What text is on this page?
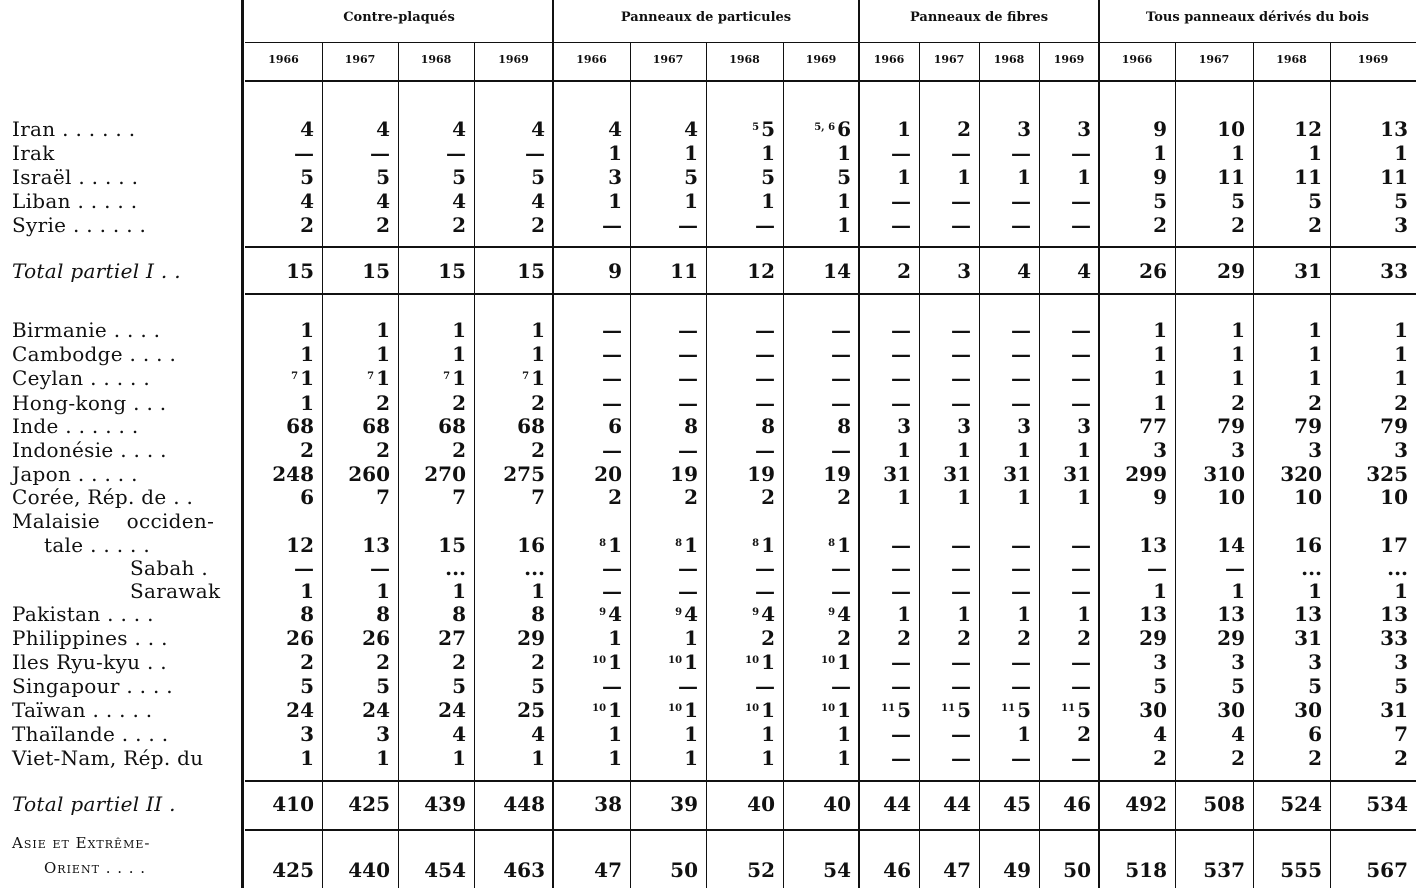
Contre-plaqués
1966	1967	1968	1969
Panneaux de particules
1966	1967	1968	1969
Panneaux de fibres
1966	1967	1968	1969
Tous panneaux dérivés du bois
1966	1967	1968	1969
Iran . . . . . .	4	4	4	4	4	4	$^5$ 5	$^{5, 6}$ 6	1	2	3	3	9	10	12	13
Irak	—	—	—	—	1	1	1	1	—	—	—	—	1	1	1	1
Israël . . . . .	5	5	5	5	3	5	5	5	1	1	1	1	9	11	11	11
Liban . . . . .	4	4	4	4	1	1	1	1	—	—	—	—	5	5	5	5
Syrie . . . . . .	2	2	2	2	—	—	—	1	—	—	—	—	2	2	2	3
Total partiel I . .	15	15	15	15	9	11	12	14	2	3	4	4	26	29	31	33
Birmanie . . . .	1	1	1	1	—	—	—	—	—	—	—	—	1	1	1	1
Cambodge . . . .	1	1	1	1	—	—	—	—	—	—	—	—	1	1	1	1
Ceylan . . . . .	$^7$ 1	$^7$ 1	$^7$ 1	$^7$ 1	—	—	—	—	—	—	—	—	1	1	1	1
Hong-kong . . .	1	2	2	2	—	—	—	—	—	—	—	—	1	2	2	2
Inde . . . . . .	68	68	68	68	6	8	8	8	3	3	3	3	77	79	79	79
Indonésie . . . .	2	2	2	2	—	—	—	—	1	1	1	1	3	3	3	3
Japon . . . . .	248	260	270	275	20	19	19	19	31	31	31	31	299	310	320	325
Corée, Rép. de . .	6	7	7	7	2	2	2	2	1	1	1	1	9	10	10	10
Malaisie    occiden-
tale . . . . .	12	13	15	16	$^8$ 1	$^8$ 1	$^8$ 1	$^8$ 1	—	—	—	—	13	14	16	17
Sabah .	—	—	...	...	—	—	—	—	—	—	—	—	—	—	...	...
Sarawak	1	1	1	1	—	—	—	—	—	—	—	—	1	1	1	1
Pakistan . . . .	8	8	8	8	$^9$ 4	$^9$ 4	$^9$ 4	$^9$ 4	1	1	1	1	13	13	13	13
Philippines . . .	26	26	27	29	1	1	2	2	2	2	2	2	29	29	31	33
Iles Ryu-kyu . .	2	2	2	2	$^{10}$ 1	$^{10}$ 1	$^{10}$ 1	$^{10}$ 1	—	—	—	—	3	3	3	3
Singapour . . . .	5	5	5	5	—	—	—	—	—	—	—	—	5	5	5	5
Taïwan . . . . .	24	24	24	25	$^{10}$ 1	$^{10}$ 1	$^{10}$ 1	$^{10}$ 1	$^{11}$ 5	$^{11}$ 5	$^{11}$ 5	$^{11}$ 5	30	30	30	31
Thaïlande . . . .	3	3	4	4	1	1	1	1	—	—	1	2	4	4	6	7
Viet-Nam, Rép. du	1	1	1	1	1	1	1	1	—	—	—	—	2	2	2	2
Total partiel II .	410	425	439	448	38	39	40	40	44	44	45	46	492	508	524	534
Asie et Extrême-
Orient . . . .	425	440	454	463	47	50	52	54	46	47	49	50	518	537	555	567
